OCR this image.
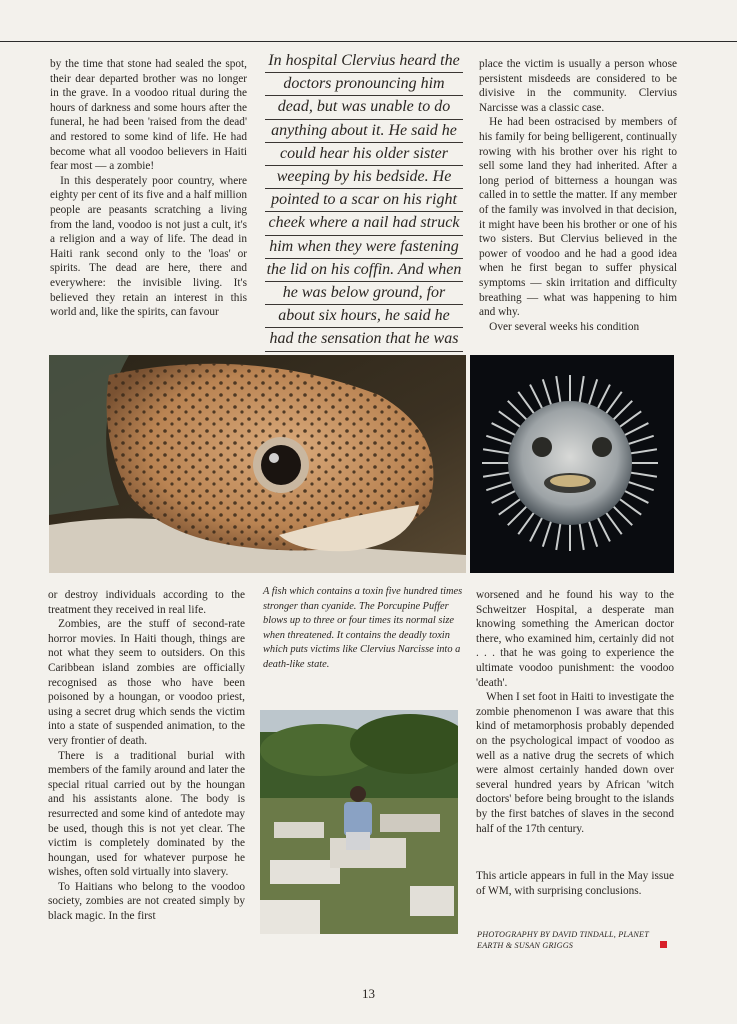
by the time that stone had sealed the spot, their dear departed brother was no longer in the grave. In a voodoo ritual during the hours of darkness and some hours after the funeral, he had been 'raised from the dead' and restored to some kind of life. He had become what all voodoo believers in Haiti fear most — a zombie!

In this desperately poor country, where eighty per cent of its five and a half million people are peasants scratching a living from the land, voodoo is not just a cult, it's a religion and a way of life. The dead in Haiti rank second only to the 'loas' or spirits. The dead are here, there and everywhere: the invisible living. It's believed they retain an interest in this world and, like the spirits, can favour

In hospital Clervius heard the
doctors pronouncing him
dead, but was unable to do
anything about it. He said he
could hear his older sister
weeping by his bedside. He
pointed to a scar on his right
cheek where a nail had struck
him when they were fastening
the lid on his coffin. And when
he was below ground, for
about six hours, he said he
had the sensation that he was

place the victim is usually a person whose persistent misdeeds are considered to be divisive in the community. Clervius Narcisse was a classic case.

He had been ostracised by members of his family for being belligerent, continually rowing with his brother over his right to sell some land they had inherited. After a long period of bitterness a houngan was called in to settle the matter. If any member of the family was involved in that decision, it might have been his brother or one of his two sisters. But Clervius believed in the power of voodoo and he had a good idea when he first began to suffer physical symptoms — skin irritation and difficulty breathing — what was happening to him and why.

Over several weeks his condition

or destroy individuals according to the treatment they received in real life.

Zombies, are the stuff of second-rate horror movies. In Haiti though, things are not what they seem to outsiders. On this Caribbean island zombies are officially recognised as those who have been poisoned by a houngan, or voodoo priest, using a secret drug which sends the victim into a state of suspended animation, to the very frontier of death.

There is a traditional burial with members of the family around and later the special ritual carried out by the houngan and his assistants alone. The body is resurrected and some kind of antedote may be used, though this is not yet clear. The victim is completely dominated by the houngan, used for whatever purpose he wishes, often sold virtually into slavery.

To Haitians who belong to the voodoo society, zombies are not created simply by black magic. In the first

A fish which contains a toxin five hundred times stronger than cyanide. The Porcupine Puffer blows up to three or four times its normal size when threatened. It contains the deadly toxin which puts victims like Clervius Narcisse into a death-like state.

worsened and he found his way to the Schweitzer Hospital, a desperate man knowing something the American doctor there, who examined him, certainly did not . . . that he was going to experience the ultimate voodoo punishment: the voodoo 'death'.

When I set foot in Haiti to investigate the zombie phenomenon I was aware that this kind of metamorphosis probably depended on the psychological impact of voodoo as well as a native drug the secrets of which were almost certainly handed down over several hundred years by African 'witch doctors' before being brought to the islands by the first batches of slaves in the second half of the 17th century.

This article appears in full in the May issue of WM, with surprising conclusions.

PHOTOGRAPHY BY DAVID TINDALL, PLANET EARTH & SUSAN GRIGGS
13
